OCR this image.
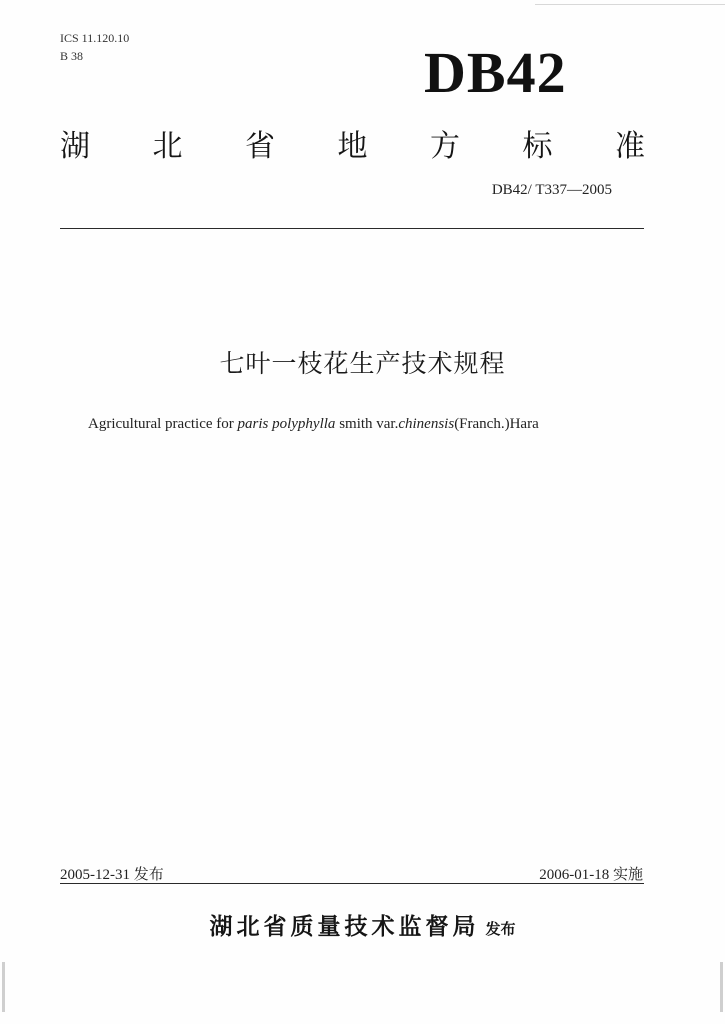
ICS 11.120.10
B 38	DB42
湖 北 省 地 方 标 准
DB42/ T337—2005
七叶一枝花生产技术规程
Agricultural practice for paris polyphylla smith var.chinensis(Franch.)Hara
2005-12-31 发布	2006-01-18 实施
湖北省质量技术监督局 发布
